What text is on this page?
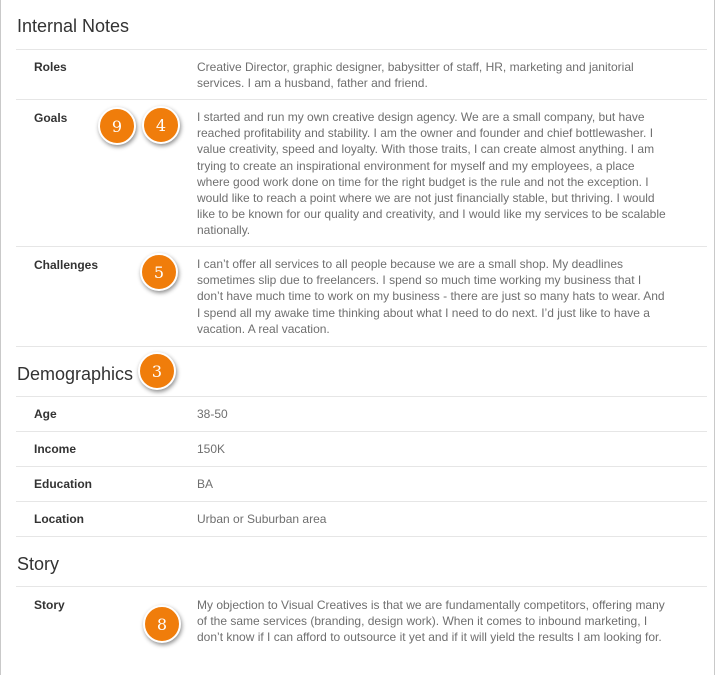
Internal Notes
Roles	Creative Director, graphic designer, babysitter of staff, HR, marketing and janitorial services. I am a husband, father and friend.
Goals	I started and run my own creative design agency. We are a small company, but have reached profitability and stability. I am the owner and founder and chief bottlewasher. I value creativity, speed and loyalty. With those traits, I can create almost anything. I am trying to create an inspirational environment for myself and my employees, a place where good work done on time for the right budget is the rule and not the exception. I would like to reach a point where we are not just financially stable, but thriving. I would like to be known for our quality and creativity, and I would like my services to be scalable nationally.
Challenges	I can’t offer all services to all people because we are a small shop. My deadlines sometimes slip due to freelancers. I spend so much time working my business that I don’t have much time to work on my business - there are just so many hats to wear. And I spend all my awake time thinking about what I need to do next. I’d just like to have a vacation. A real vacation.
Demographics
Age	38-50
Income	150K
Education	BA
Location	Urban or Suburban area
Story
Story	My objection to Visual Creatives is that we are fundamentally competitors, offering many of the same services (branding, design work). When it comes to inbound marketing, I don’t know if I can afford to outsource it yet and if it will yield the results I am looking for.
9	4
5
3
8
